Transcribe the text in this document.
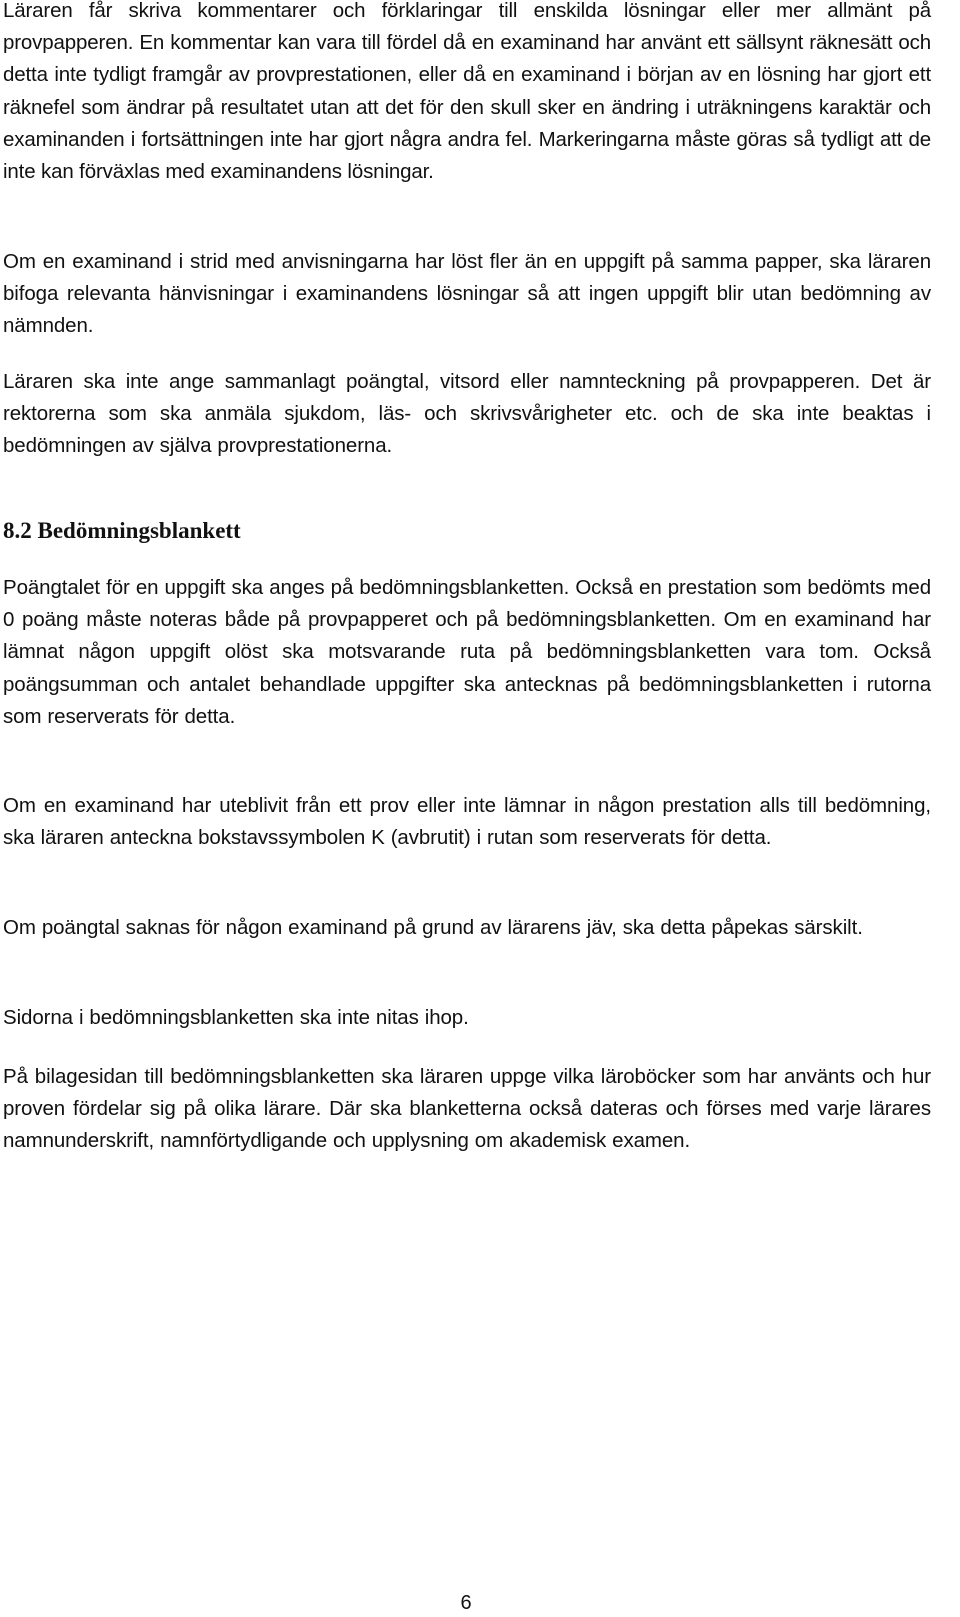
Läraren får skriva kommentarer och förklaringar till enskilda lösningar eller mer allmänt på provpapperen. En kommentar kan vara till fördel då en examinand har använt ett sällsynt räknesätt och detta inte tydligt framgår av provprestationen, eller då en examinand i början av en lösning har gjort ett räknefel som ändrar på resultatet utan att det för den skull sker en ändring i uträkningens karaktär och examinanden i fortsättningen inte har gjort några andra fel. Markeringarna måste göras så tydligt att de inte kan förväxlas med examinandens lösningar.

Om en examinand i strid med anvisningarna har löst fler än en uppgift på samma papper, ska läraren bifoga relevanta hänvisningar i examinandens lösningar så att ingen uppgift blir utan bedömning av nämnden.

Läraren ska inte ange sammanlagt poängtal, vitsord eller namnteckning på provpapperen. Det är rektorerna som ska anmäla sjukdom, läs- och skrivsvårigheter etc. och de ska inte beaktas i bedömningen av själva provprestationerna.

8.2 Bedömningsblankett

Poängtalet för en uppgift ska anges på bedömningsblanketten. Också en prestation som bedömts med 0 poäng måste noteras både på provpapperet och på bedömningsblanketten. Om en examinand har lämnat någon uppgift olöst ska motsvarande ruta på bedömningsblanketten vara tom. Också poängsumman och antalet behandlade uppgifter ska antecknas på bedömningsblanketten i rutorna som reserverats för detta.

Om en examinand har uteblivit från ett prov eller inte lämnar in någon prestation alls till bedömning, ska läraren anteckna bokstavssymbolen K (avbrutit) i rutan som reserverats för detta.

Om poängtal saknas för någon examinand på grund av lärarens jäv, ska detta påpekas särskilt.

Sidorna i bedömningsblanketten ska inte nitas ihop.

På bilagesidan till bedömningsblanketten ska läraren uppge vilka läroböcker som har använts och hur proven fördelar sig på olika lärare. Där ska blanketterna också dateras och förses med varje lärares namnunderskrift, namnförtydligande och upplysning om akademisk examen.

6
